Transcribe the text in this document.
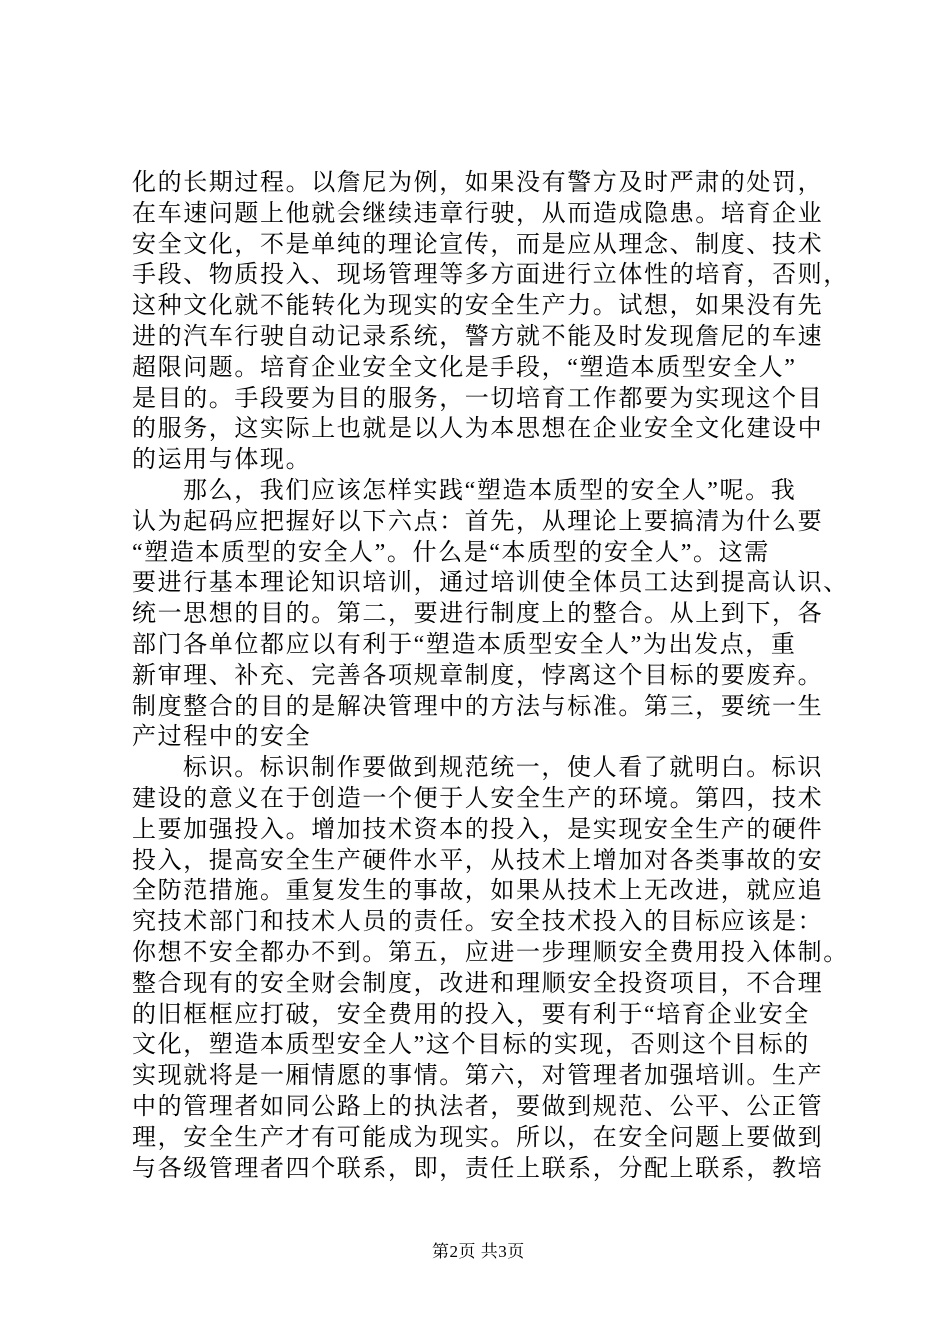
化的长期过程。以詹尼为例，如果没有警方及时严肃的处罚，
在车速问题上他就会继续违章行驶，从而造成隐患。培育企业
安全文化，不是单纯的理论宣传，而是应从理念、制度、技术
手段、物质投入、现场管理等多方面进行立体性的培育，否则，
这种文化就不能转化为现实的安全生产力。试想，如果没有先
进的汽车行驶自动记录系统，警方就不能及时发现詹尼的车速
超限问题。培育企业安全文化是手段，“塑造本质型安全人”
是目的。手段要为目的服务，一切培育工作都要为实现这个目
的服务，这实际上也就是以人为本思想在企业安全文化建设中
的运用与体现。
那么，我们应该怎样实践“塑造本质型的安全人”呢。我
认为起码应把握好以下六点：首先，从理论上要搞清为什么要
“塑造本质型的安全人”。什么是“本质型的安全人”。这需
要进行基本理论知识培训，通过培训使全体员工达到提高认识、
统一思想的目的。第二，要进行制度上的整合。从上到下，各
部门各单位都应以有利于“塑造本质型安全人”为出发点，重
新审理、补充、完善各项规章制度，悖离这个目标的要废弃。
制度整合的目的是解决管理中的方法与标准。第三，要统一生
产过程中的安全
标识。标识制作要做到规范统一，使人看了就明白。标识
建设的意义在于创造一个便于人安全生产的环境。第四，技术
上要加强投入。增加技术资本的投入，是实现安全生产的硬件
投入，提高安全生产硬件水平，从技术上增加对各类事故的安
全防范措施。重复发生的事故，如果从技术上无改进，就应追
究技术部门和技术人员的责任。安全技术投入的目标应该是：
你想不安全都办不到。第五，应进一步理顺安全费用投入体制。
整合现有的安全财会制度，改进和理顺安全投资项目，不合理
的旧框框应打破，安全费用的投入，要有利于“培育企业安全
文化，塑造本质型安全人”这个目标的实现，否则这个目标的
实现就将是一厢情愿的事情。第六，对管理者加强培训。生产
中的管理者如同公路上的执法者，要做到规范、公平、公正管
理，安全生产才有可能成为现实。所以，在安全问题上要做到
与各级管理者四个联系，即，责任上联系，分配上联系，教培
第2页 共3页
